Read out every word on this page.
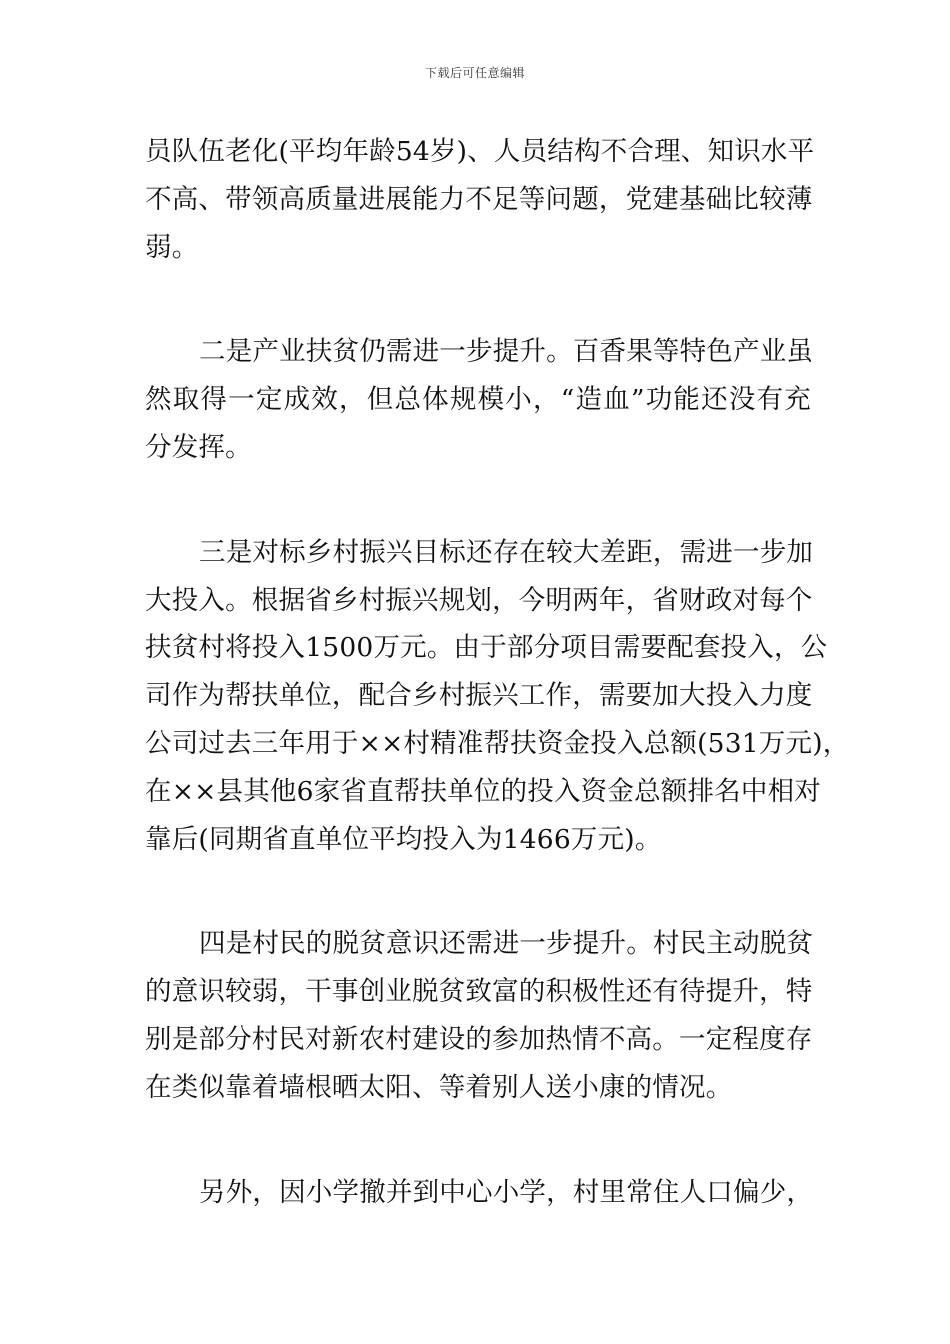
下载后可任意编辑
员队伍老化(平均年龄54岁)、人员结构不合理、知识水平
不高、带领高质量进展能力不足等问题，党建基础比较薄
弱。
二是产业扶贫仍需进一步提升。百香果等特色产业虽
然取得一定成效，但总体规模小，“造血”功能还没有充
分发挥。
三是对标乡村振兴目标还存在较大差距，需进一步加
大投入。根据省乡村振兴规划，今明两年，省财政对每个
扶贫村将投入1500万元。由于部分项目需要配套投入，公
司作为帮扶单位，配合乡村振兴工作，需要加大投入力度
公司过去三年用于××村精准帮扶资金投入总额(531万元)，
在××县其他6家省直帮扶单位的投入资金总额排名中相对
靠后(同期省直单位平均投入为1466万元)。
四是村民的脱贫意识还需进一步提升。村民主动脱贫
的意识较弱，干事创业脱贫致富的积极性还有待提升，特
别是部分村民对新农村建设的参加热情不高。一定程度存
在类似靠着墙根晒太阳、等着别人送小康的情况。
另外，因小学撤并到中心小学，村里常住人口偏少，
